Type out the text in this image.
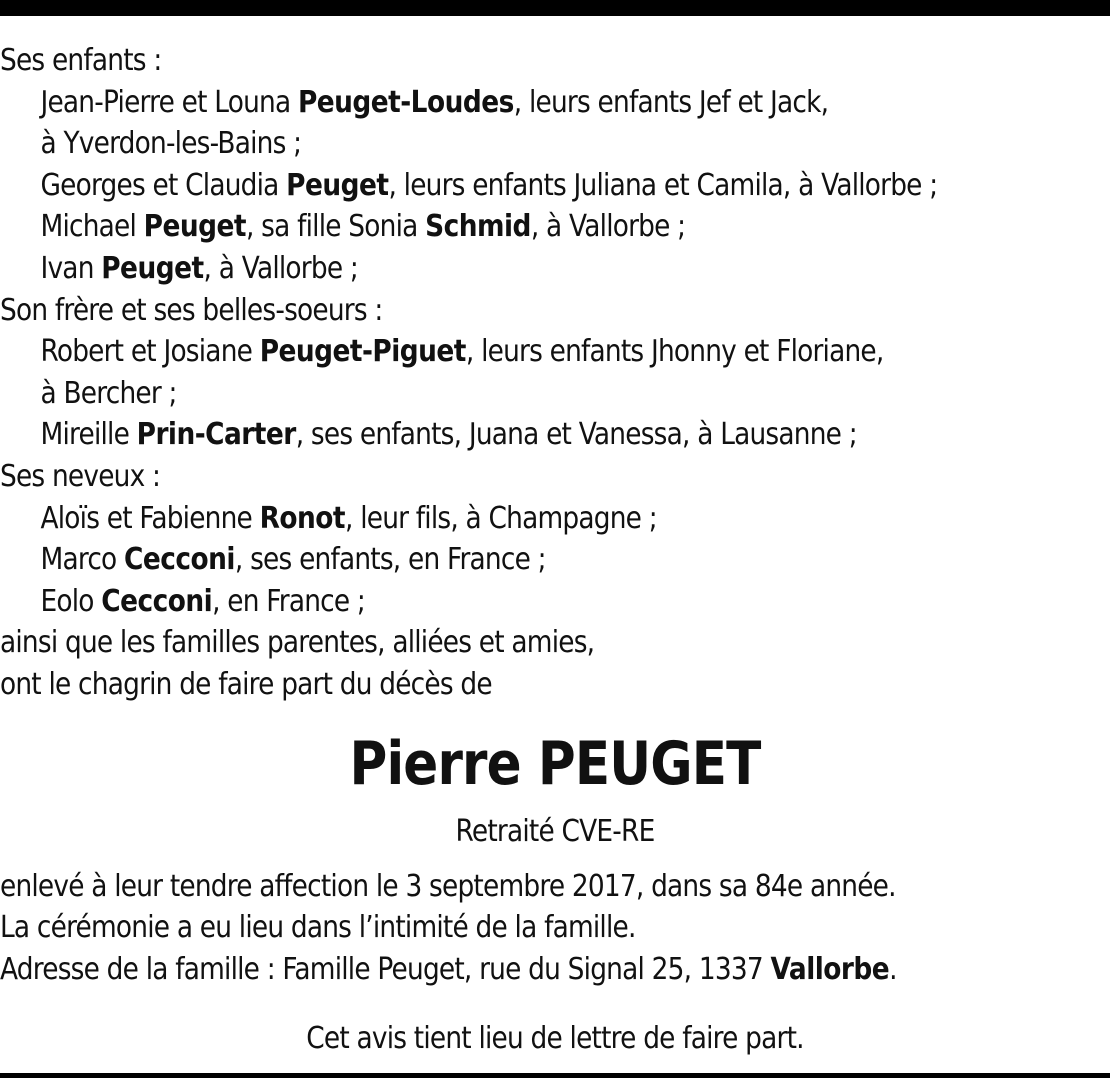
Ses enfants :
Jean-Pierre et Louna Peuget-Loudes, leurs enfants Jef et Jack,
à Yverdon-les-Bains ;
Georges et Claudia Peuget, leurs enfants Juliana et Camila, à Vallorbe ;
Michael Peuget, sa fille Sonia Schmid, à Vallorbe ;
Ivan Peuget, à Vallorbe ;
Son frère et ses belles-soeurs :
Robert et Josiane Peuget-Piguet, leurs enfants Jhonny et Floriane,
à Bercher ;
Mireille Prin-Carter, ses enfants, Juana et Vanessa, à Lausanne ;
Ses neveux :
Aloïs et Fabienne Ronot, leur fils, à Champagne ;
Marco Cecconi, ses enfants, en France ;
Eolo Cecconi, en France ;
ainsi que les familles parentes, alliées et amies,
ont le chagrin de faire part du décès de
Pierre PEUGET
Retraité CVE-RE
enlevé à leur tendre affection le 3 septembre 2017, dans sa 84e année.
La cérémonie a eu lieu dans l’intimité de la famille.
Adresse de la famille : Famille Peuget, rue du Signal 25, 1337 Vallorbe.
Cet avis tient lieu de lettre de faire part.
